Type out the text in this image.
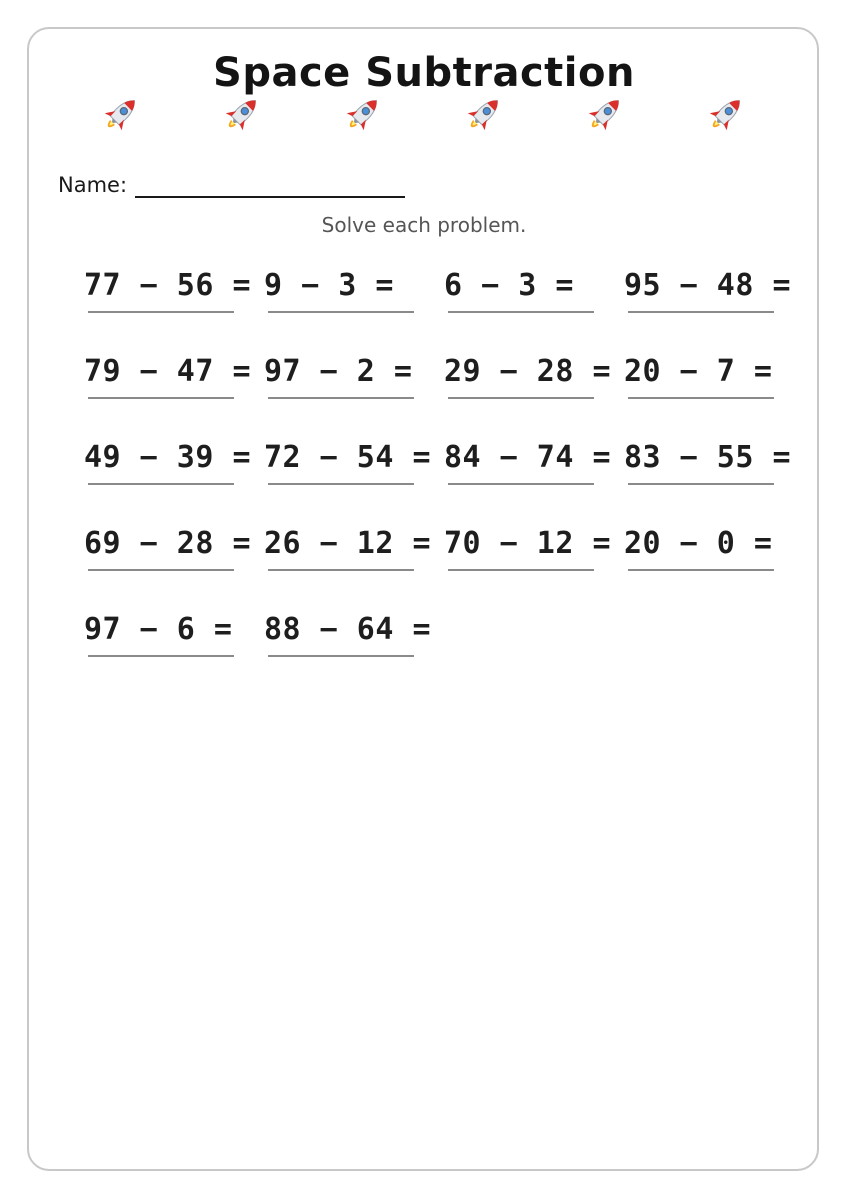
Space Subtraction
Name:
Solve each problem.
77 − 56 = 9 − 3 = 6 − 3 = 95 − 48 =
79 − 47 = 97 − 2 = 29 − 28 = 20 − 7 =
49 − 39 = 72 − 54 = 84 − 74 = 83 − 55 =
69 − 28 = 26 − 12 = 70 − 12 = 20 − 0 =
97 − 6 = 88 − 64 =
